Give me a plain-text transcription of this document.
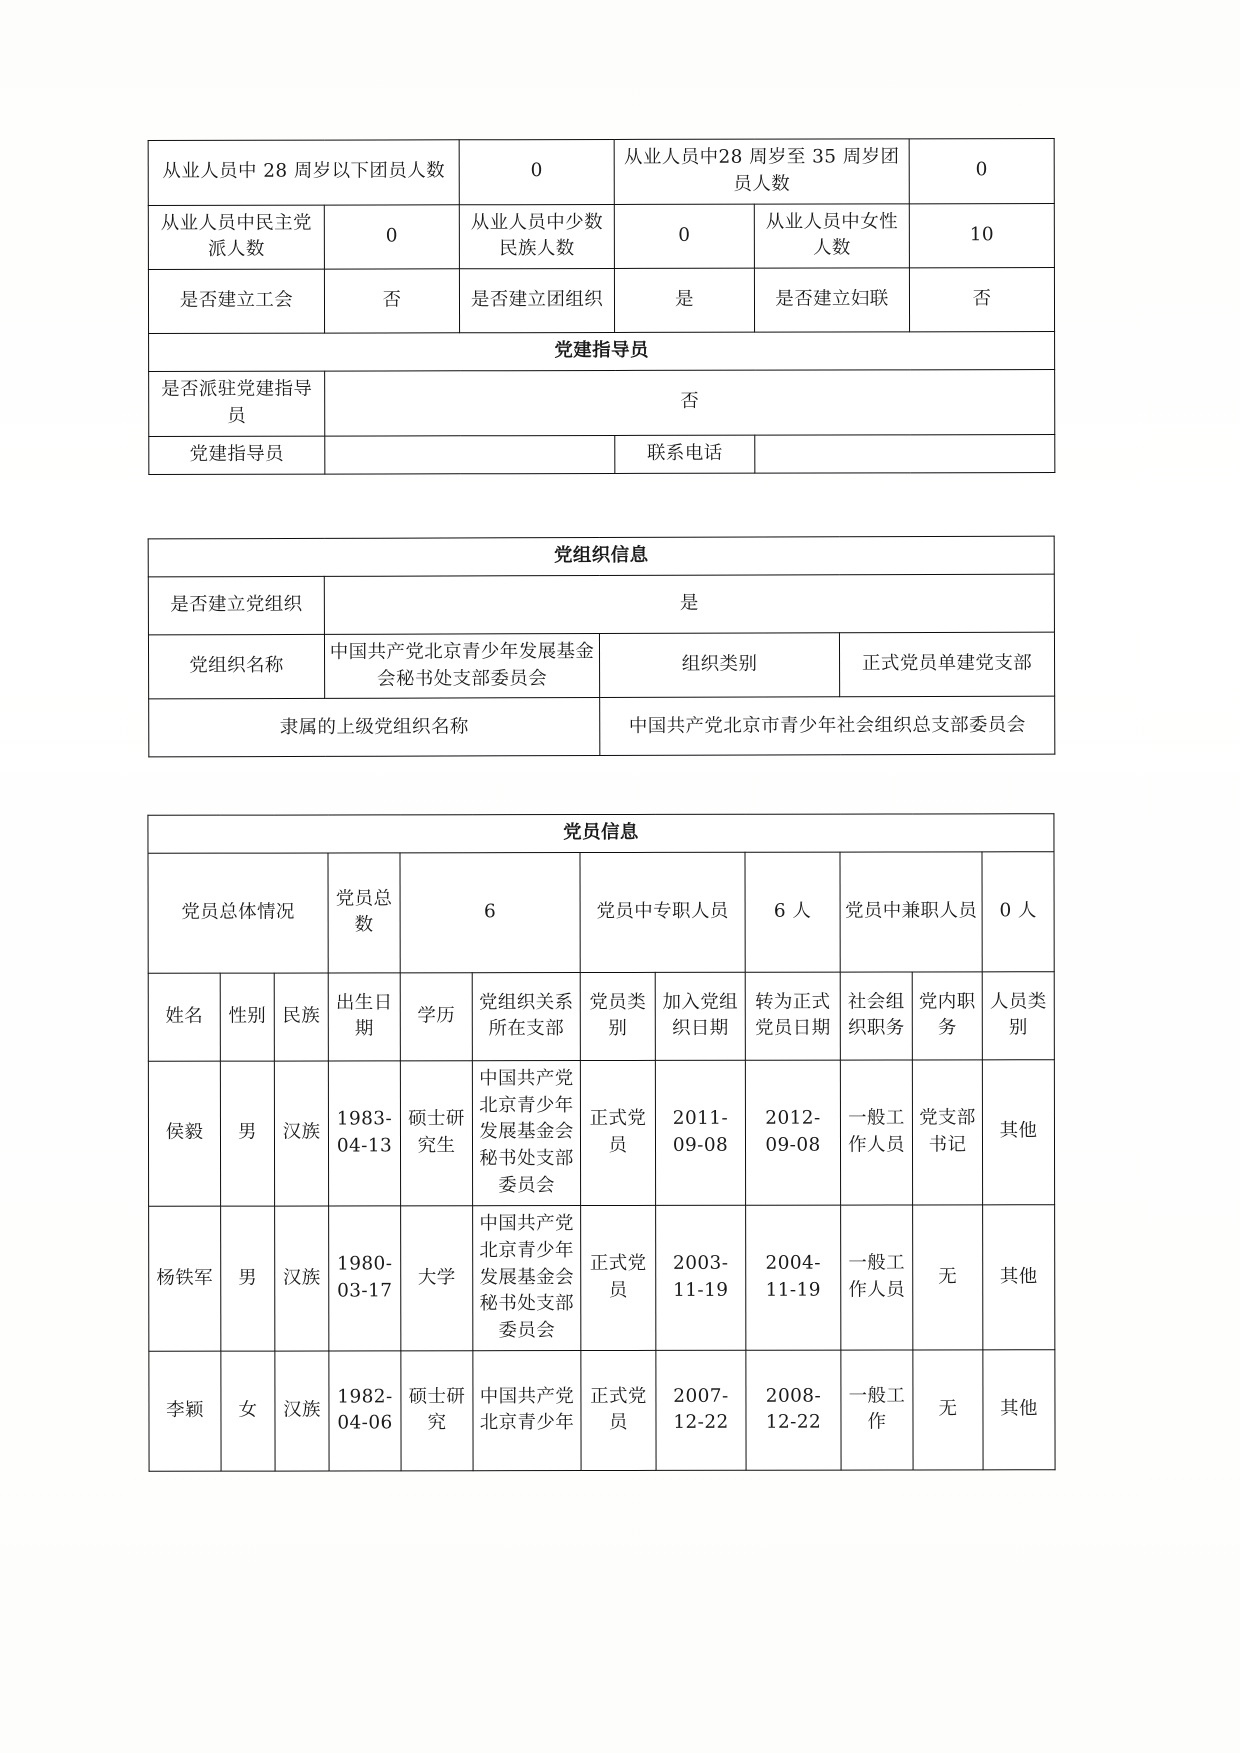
从业人员中 28 周岁以下团员人数		0	从业人员中28 周岁至 35 周岁团员人数		0
从业人员中民主党派人数	0	从业人员中少数民族人数	0	从业人员中女性人数	10
是否建立工会	否	是否建立团组织	是	是否建立妇联	否
党建指导员					
是否派驻党建指导员	否				
党建指导员			联系电话		
党组织信息			
是否建立党组织	是		
党组织名称	中国共产党北京青少年发展基金会秘书处支部委员会	组织类别	正式党员单建党支部
隶属的上级党组织名称		中国共产党北京市青少年社会组织总支部委员会	
党员信息											
党员总体情况			党员总数	6		党员中专职人员		6 人	党员中兼职人员		0 人
姓名	性别	民族	出生日期	学历	党组织关系所在支部	党员类别	加入党组织日期	转为正式党员日期	社会组织职务	党内职务	人员类别
侯毅	男	汉族	1983-04-13	硕士研究生	中国共产党北京青少年发展基金会秘书处支部委员会	正式党员	2011-09-08	2012-09-08	一般工作人员	党支部书记	其他
杨铁军	男	汉族	1980-03-17	大学	中国共产党北京青少年发展基金会秘书处支部委员会	正式党员	2003-11-19	2004-11-19	一般工作人员	无	其他
李颖	女	汉族	1982-04-06	硕士研究	中国共产党北京青少年	正式党员	2007-12-22	2008-12-22	一般工作	无	其他
